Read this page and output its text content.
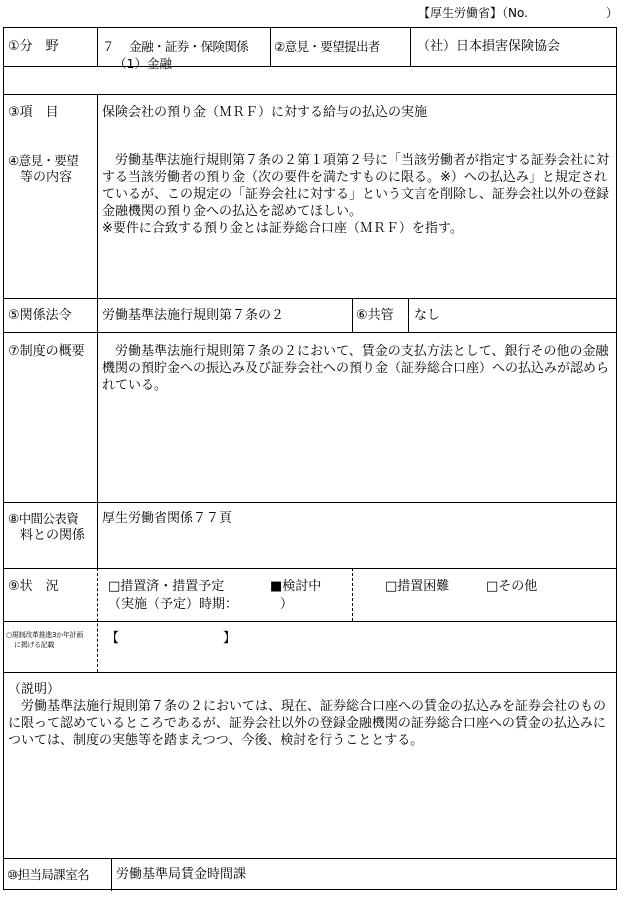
【厚生労働省】（No.	）
①分　野	７　 金融・証券・保険関係
（1）金融
②意見・要望提出者	（社）日本損害保険協会
③項　目	保険会社の預り金（ＭＲＦ）に対する給与の払込の実施
④意見・要望
等の内容
労働基準法施行規則第７条の２第１項第２号に「当該労働者が指定する証券会社に対する当該労働者の預り金（次の要件を満たすものに限る。※）への払込み」と規定されているが、この規定の「証券会社に対する」という文言を削除し、証券会社以外の登録金融機関の預り金への払込を認めてほしい。
※要件に合致する預り金とは証券総合口座（ＭＲＦ）を指す。
⑤関係法令 労働基準法施行規則第７条の２	⑥共管 なし
⑦制度の概要	労働基準法施行規則第７条の２において、賃金の支払方法として、銀行その他の金融機関の預貯金への振込み及び証券会社への預り金（証券総合口座）への払込みが認められている。
⑧中間公表資
料との関係
厚生労働省関係７７頁
⑨状　況	□措置済・措置予定	■検討中
（実施（予定）時期：	）
□措置困難	□その他
○規制改革推進3か年計画
に掲げる記載	【　　　　　　　　】
（説明）
労働基準法施行規則第７条の２においては、現在、証券総合口座への賃金の払込みを証券会社のものに限って認めているところであるが、証券会社以外の登録金融機関の証券総合口座への賃金の払込みについては、制度の実態等を踏まえつつ、今後、検討を行うこととする。
⑩担当局課室名 労働基準局賃金時間課
